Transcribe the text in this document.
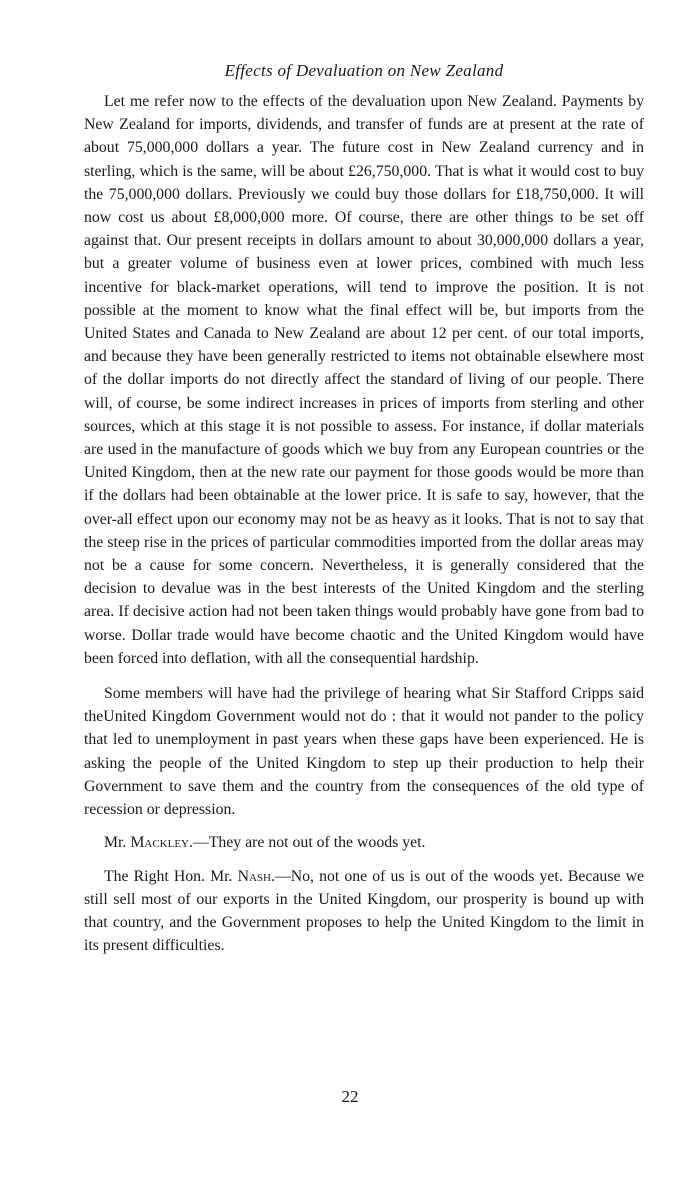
Effects of Devaluation on New Zealand

Let me refer now to the effects of the devaluation upon New Zealand. Payments by New Zealand for imports, dividends, and transfer of funds are at present at the rate of about 75,000,000 dollars a year. The future cost in New Zealand currency and in sterling, which is the same, will be about £26,750,000. That is what it would cost to buy the 75,000,000 dollars. Previously we could buy those dollars for £18,750,000. It will now cost us about £8,000,000 more. Of course, there are other things to be set off against that. Our present receipts in dollars amount to about 30,000,000 dollars a year, but a greater volume of business even at lower prices, combined with much less incentive for black-market operations, will tend to improve the position. It is not possible at the moment to know what the final effect will be, but imports from the United States and Canada to New Zealand are about 12 per cent. of our total imports, and because they have been generally restricted to items not obtainable elsewhere most of the dollar imports do not directly affect the standard of living of our people. There will, of course, be some indirect increases in prices of imports from sterling and other sources, which at this stage it is not possible to assess. For instance, if dollar materials are used in the manufacture of goods which we buy from any European countries or the United Kingdom, then at the new rate our payment for those goods would be more than if the dollars had been obtainable at the lower price. It is safe to say, however, that the over-all effect upon our economy may not be as heavy as it looks. That is not to say that the steep rise in the prices of particular commodities imported from the dollar areas may not be a cause for some concern. Nevertheless, it is generally considered that the decision to devalue was in the best interests of the United Kingdom and the sterling area. If decisive action had not been taken things would probably have gone from bad to worse. Dollar trade would have become chaotic and the United Kingdom would have been forced into deflation, with all the consequential hardship.

Some members will have had the privilege of hearing what Sir Stafford Cripps said theUnited Kingdom Government would not do : that it would not pander to the policy that led to unemployment in past years when these gaps have been experienced. He is asking the people of the United Kingdom to step up their production to help their Government to save them and the country from the consequences of the old type of recession or depression.

Mr. Mackley.—They are not out of the woods yet.

The Right Hon. Mr. Nash.—No, not one of us is out of the woods yet. Because we still sell most of our exports in the United Kingdom, our prosperity is bound up with that country, and the Government proposes to help the United Kingdom to the limit in its present difficulties.

22
